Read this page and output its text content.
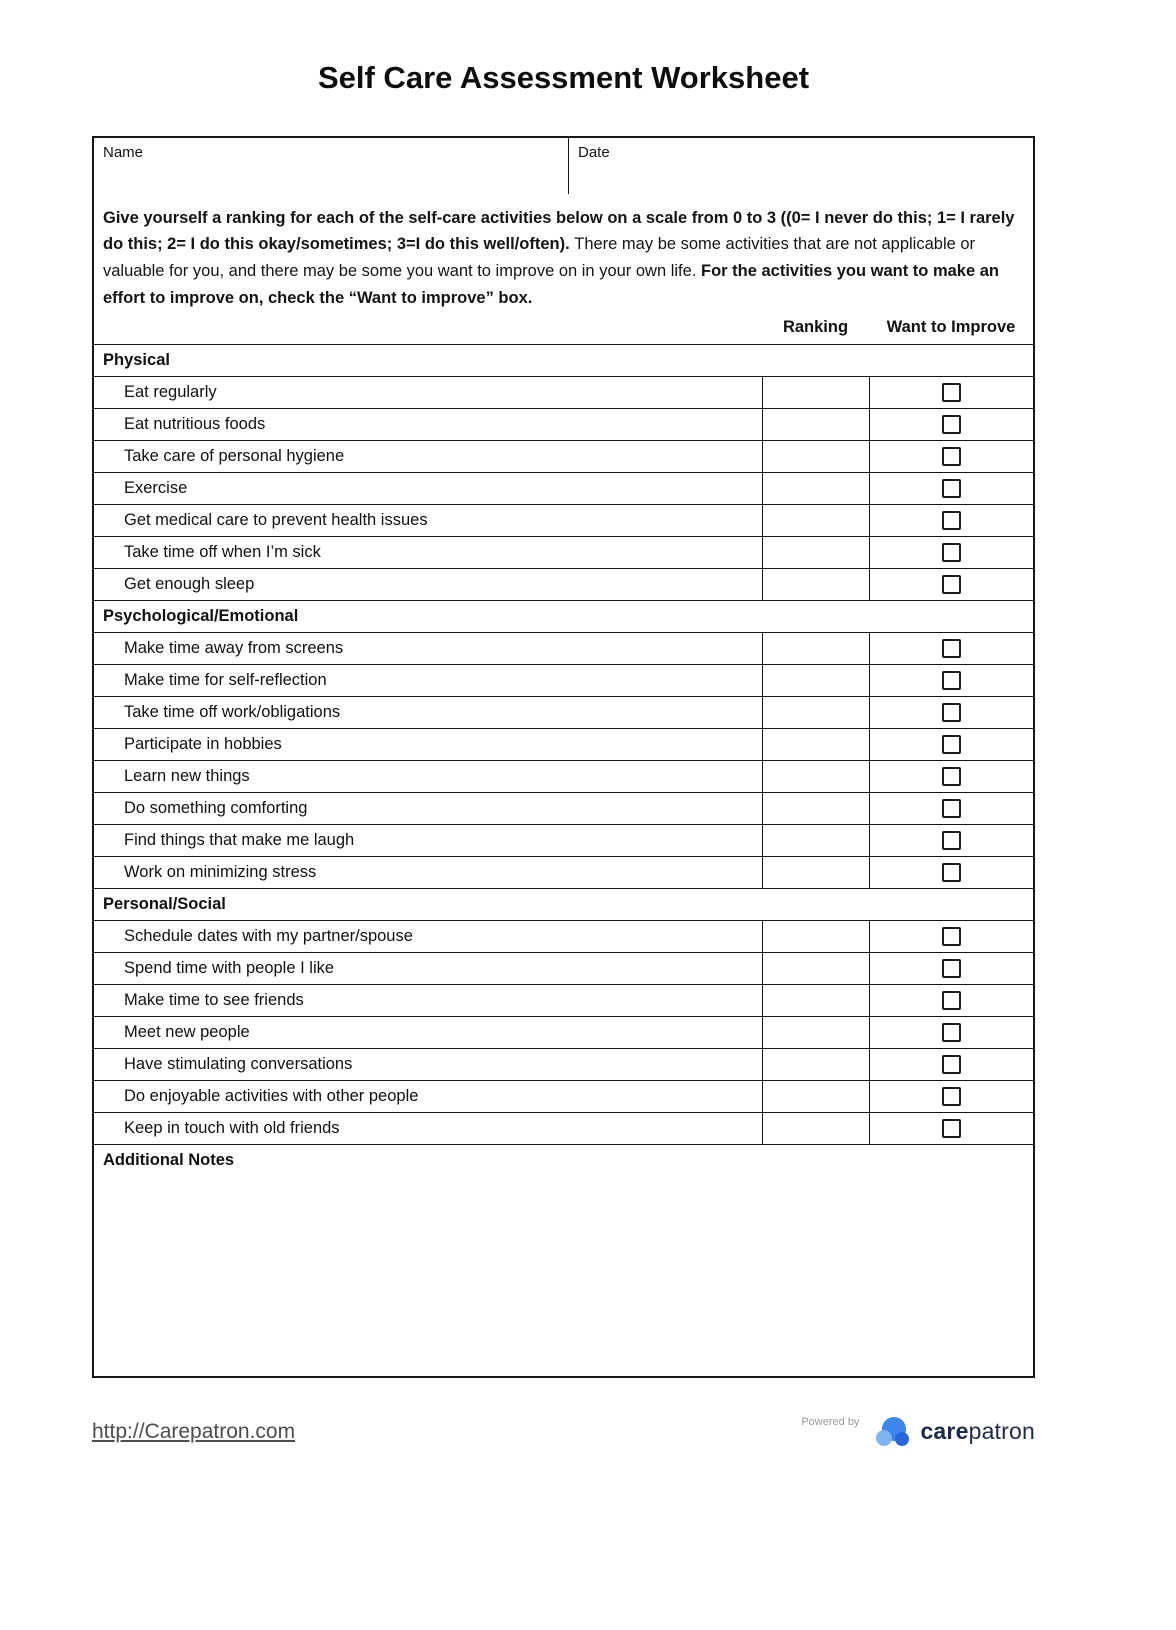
Self Care Assessment Worksheet
Name	Date
Give yourself a ranking for each of the self-care activities below on a scale from 0 to 3 ((0= I never do this; 1= I rarely do this; 2= I do this okay/sometimes; 3=I do this well/often). There may be some activities that are not applicable or valuable for you, and there may be some you want to improve on in your own life. For the activities you want to make an effort to improve on, check the “Want to improve” box.
Ranking	Want to Improve
Physical
Eat regularly
Eat nutritious foods
Take care of personal hygiene
Exercise
Get medical care to prevent health issues
Take time off when I’m sick
Get enough sleep
Psychological/Emotional
Make time away from screens
Make time for self-reflection
Take time off work/obligations
Participate in hobbies
Learn new things
Do something comforting
Find things that make me laugh
Work on minimizing stress
Personal/Social
Schedule dates with my partner/spouse
Spend time with people I like
Make time to see friends
Meet new people
Have stimulating conversations
Do enjoyable activities with other people
Keep in touch with old friends
Additional Notes
http://Carepatron.com	Powered by	carepatron
